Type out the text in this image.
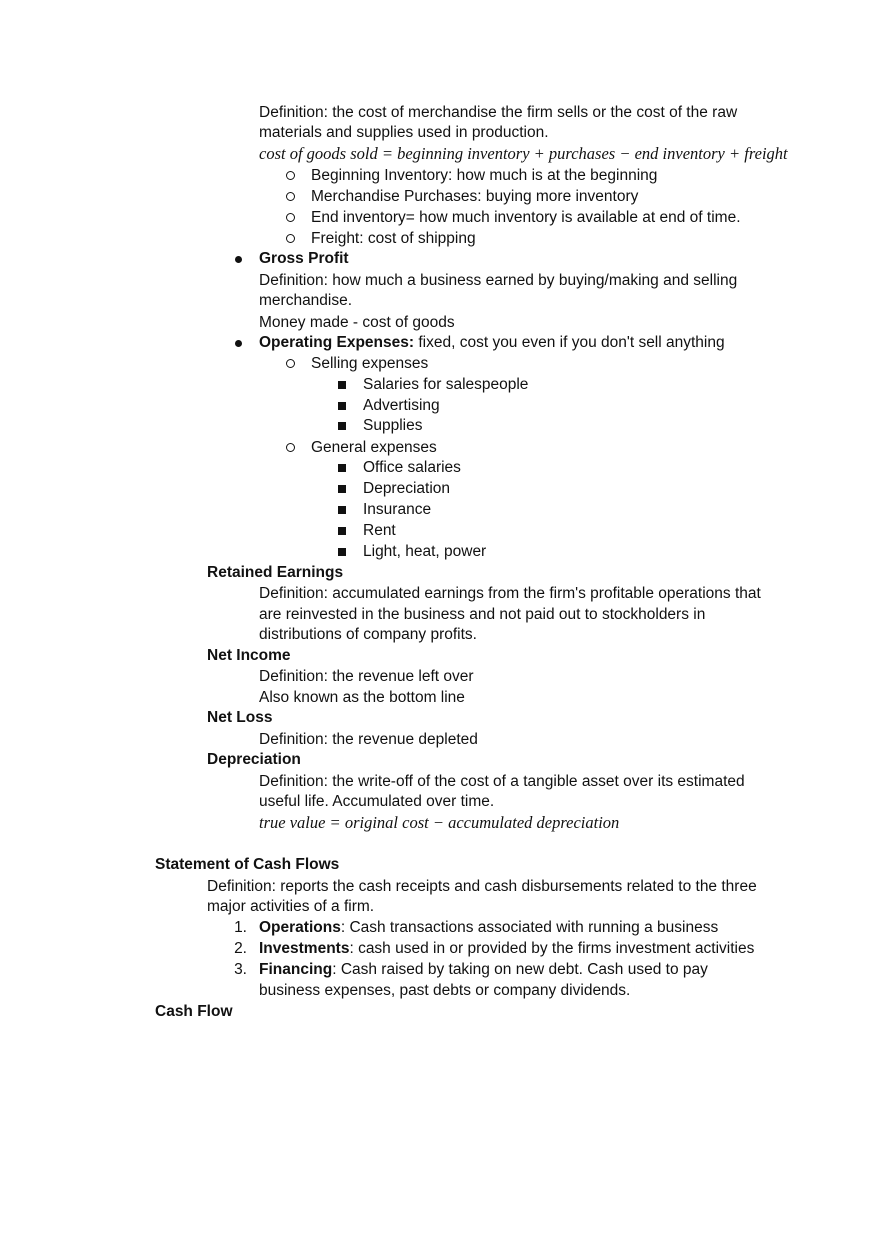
Definition: the cost of merchandise the firm sells or the cost of the raw
materials and supplies used in production.
cost of goods sold = beginning inventory + purchases − end inventory + freight
Beginning Inventory: how much is at the beginning
Merchandise Purchases: buying more inventory
End inventory= how much inventory is available at end of time.
Freight: cost of shipping
Gross Profit
Definition: how much a business earned by buying/making and selling
merchandise.
Money made - cost of goods
Operating Expenses: fixed, cost you even if you don't sell anything
Selling expenses
Salaries for salespeople
Advertising
Supplies
General expenses
Office salaries
Depreciation
Insurance
Rent
Light, heat, power
Retained Earnings
Definition: accumulated earnings from the firm's profitable operations that
are reinvested in the business and not paid out to stockholders in
distributions of company profits.
Net Income
Definition: the revenue left over
Also known as the bottom line
Net Loss
Definition: the revenue depleted
Depreciation
Definition: the write-off of the cost of a tangible asset over its estimated
useful life. Accumulated over time.
true value = original cost − accumulated depreciation
Statement of Cash Flows
Definition: reports the cash receipts and cash disbursements related to the three
major activities of a firm.
1. Operations: Cash transactions associated with running a business
2. Investments: cash used in or provided by the firms investment activities
3. Financing: Cash raised by taking on new debt. Cash used to pay
business expenses, past debts or company dividends.
Cash Flow
